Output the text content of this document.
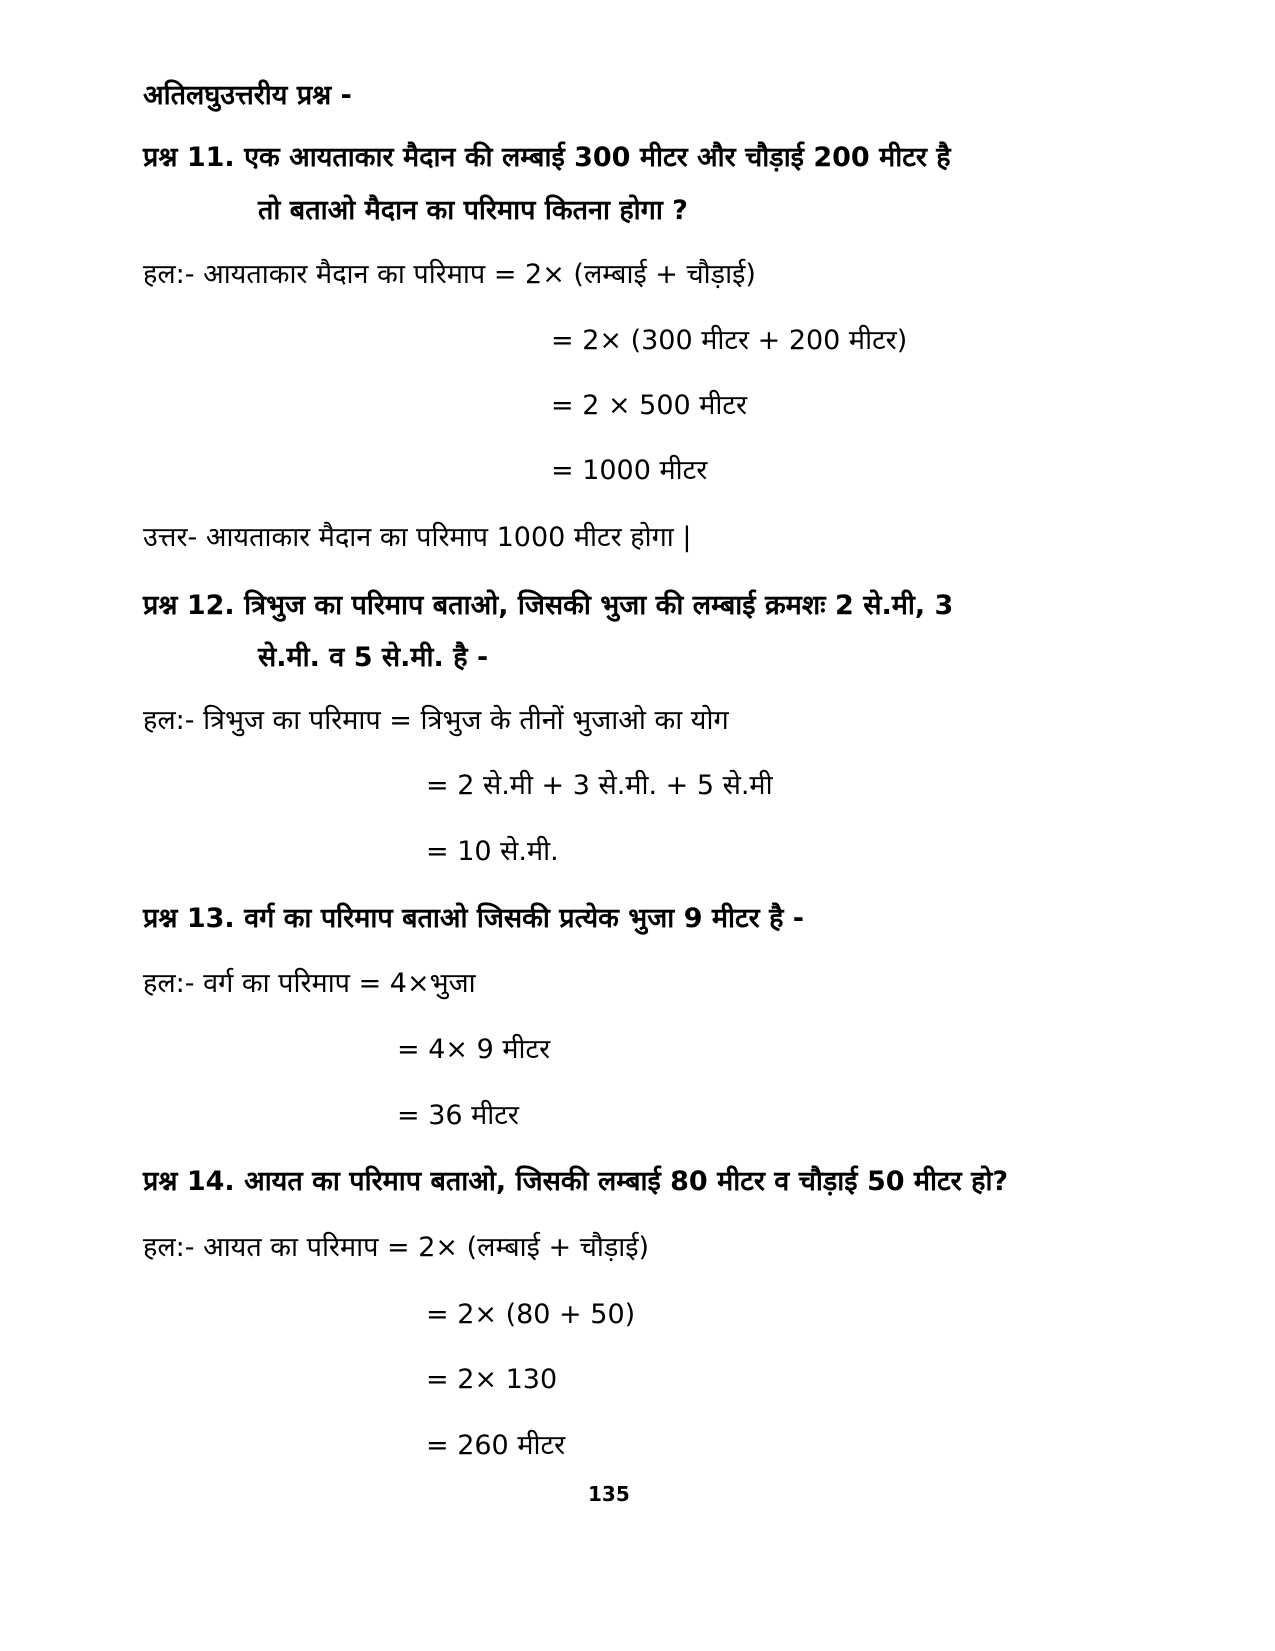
अतिलघुउत्तरीय प्रश्न -
प्रश्न 11. एक आयताकार मैदान की लम्बाई 300 मीटर और चौड़ाई 200 मीटर है
तो बताओ मैदान का परिमाप कितना होगा ?
हल:- आयताकार मैदान का परिमाप = 2× (लम्बाई + चौड़ाई)
= 2× (300 मीटर + 200 मीटर)
= 2 × 500 मीटर
= 1000 मीटर
उत्तर- आयताकार मैदान का परिमाप 1000 मीटर होगा |
प्रश्न 12. त्रिभुज का परिमाप बताओ, जिसकी भुजा की लम्बाई क्रमशः 2 से.मी, 3
से.मी. व 5 से.मी. है -
हल:- त्रिभुज का परिमाप = त्रिभुज के तीनों भुजाओ का योग
= 2 से.मी + 3 से.मी. + 5 से.मी
= 10 से.मी.
प्रश्न 13. वर्ग का परिमाप बताओ जिसकी प्रत्येक भुजा 9 मीटर है -
हल:- वर्ग का परिमाप = 4×भुजा
= 4× 9 मीटर
= 36 मीटर
प्रश्न 14. आयत का परिमाप बताओ, जिसकी लम्बाई 80 मीटर व चौड़ाई 50 मीटर हो?
हल:- आयत का परिमाप = 2× (लम्बाई + चौड़ाई)
= 2× (80 + 50)
= 2× 130
= 260 मीटर
135
